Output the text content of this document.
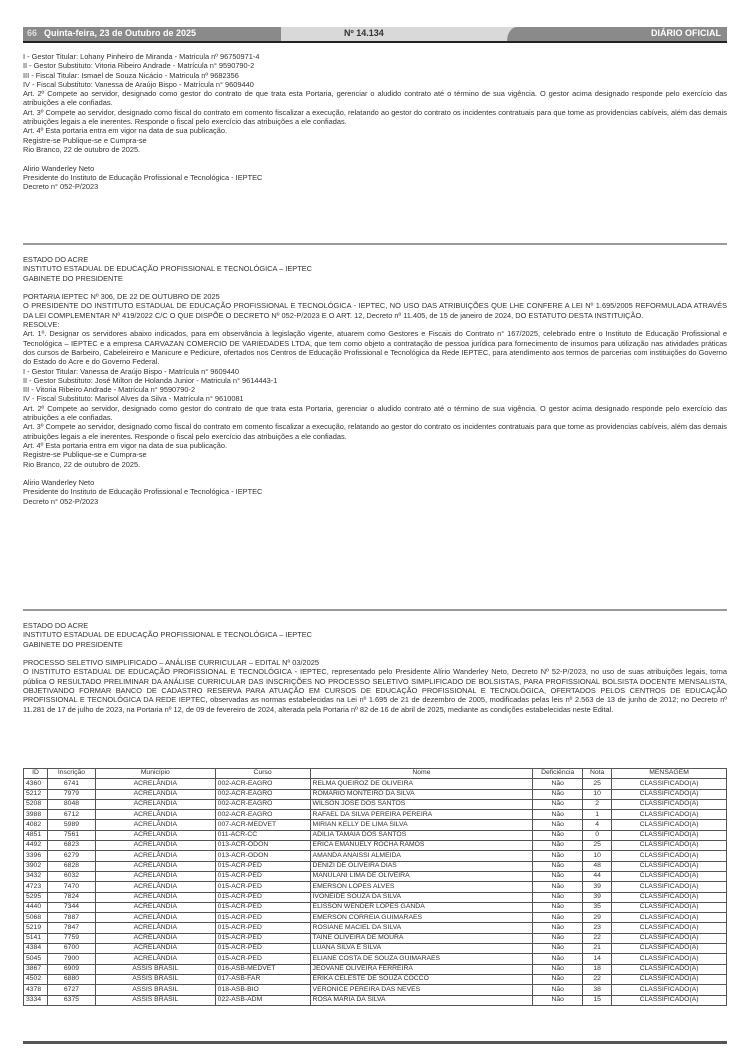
66 Quinta-feira, 23 de Outubro de 2025	Nº 14.134	DIÁRIO OFICIAL

I - Gestor Titular: Lohany Pinheiro de Miranda - Matricula nº 96750971-4

II - Gestor Substituto: Vitoria Ribeiro Andrade - Matrícula n° 9590790-2

III - Fiscal Titular: Ismael de Souza Nicácio - Matricula nº 9682356

IV - Fiscal Substituto: Vanessa de Araújo Bispo - Matrícula n° 9609440

Art. 2º Compete ao servidor, designado como gestor do contrato de que trata esta Portaria, gerenciar o aludido contrato até o término de sua vigência. O gestor acima designado responde pelo exercício das atribuições a ele confiadas.

Art. 3º Compete ao servidor, designado como fiscal do contrato em comento fiscalizar a execução, relatando ao gestor do contrato os incidentes contratuais para que tome as providencias cabíveis, além das demais atribuições legais a ele inerentes. Responde o fiscal pelo exercício das atribuições a ele confiadas.

Art. 4º Esta portaria entra em vigor na data de sua publicação.

Registre-se Publique-se e Cumpra-se

Rio Branco, 22 de outubro de 2025.

Alirio Wanderley Neto

Presidente do Instituto de Educação Profissional e Tecnológica - IEPTEC

Decreto n° 052-P/2023

ESTADO DO ACRE

INSTITUTO ESTADUAL DE EDUCAÇÃO PROFISSIONAL E TECNOLÓGICA – IEPTEC

GABINETE DO PRESIDENTE

PORTARIA IEPTEC Nº 306, DE 22 DE OUTUBRO DE 2025

O PRESIDENTE DO INSTITUTO ESTADUAL DE EDUCAÇÃO PROFISSIONAL E TECNOLÓGICA - IEPTEC, NO USO DAS ATRIBUIÇÕES QUE LHE CONFERE A LEI Nº 1.695/2005 REFORMULADA ATRAVÉS DA LEI COMPLEMENTAR Nº 419/2022 C/C O QUE DISPÕE O DECRETO Nº 052-P/2023 E O ART. 12, Decreto nº 11.405, de 15 de janeiro de 2024, DO ESTATUTO DESTA INSTITUIÇÃO.

RESOLVE:

Art. 1º. Designar os servidores abaixo indicados, para em observância à legislação vigente, atuarem como Gestores e Fiscais do Contrato n° 167/2025, celebrado entre o Instituto de Educação Profissional e Tecnológica – IEPTEC e a empresa CARVAZAN COMERCIO DE VARIEDADES LTDA, que tem como objeto a contratação de pessoa jurídica para fornecimento de insumos para utilização nas atividades práticas dos cursos de Barbeiro, Cabeleireiro e Manicure e Pedicure, ofertados nos Centros de Educação Profissional e Tecnológica da Rede IEPTEC, para atendimento aos termos de parcerias com instituições do Governo do Estado do Acre e do Governo Federal.

I - Gestor Titular: Vanessa de Araújo Bispo - Matrícula n° 9609440

II - Gestor Substituto: José Milton de Holanda Junior - Matricula n° 9614443-1

III - Vitoria Ribeiro Andrade - Matrícula n° 9590790-2

IV - Fiscal Substituto: Marisol Alves da Silva - Matrícula n° 9610081

Art. 2º Compete ao servidor, designado como gestor do contrato de que trata esta Portaria, gerenciar o aludido contrato até o término de sua vigência. O gestor acima designado responde pelo exercício das atribuições a ele confiadas.

Art. 3º Compete ao servidor, designado como fiscal do contrato em comento fiscalizar a execução, relatando ao gestor do contrato os incidentes contratuais para que tome as providencias cabíveis, além das demais atribuições legais a ele inerentes. Responde o fiscal pelo exercício das atribuições a ele confiadas.

Art. 4º Esta portaria entra em vigor na data de sua publicação.

Registre-se Publique-se e Cumpra-se

Rio Branco, 22 de outubro de 2025.

Alirio Wanderley Neto

Presidente do Instituto de Educação Profissional e Tecnológica - IEPTEC

Decreto n° 052-P/2023

ESTADO DO ACRE

INSTITUTO ESTADUAL DE EDUCAÇÃO PROFISSIONAL E TECNOLÓGICA – IEPTEC

GABINETE DO PRESIDENTE

PROCESSO SELETIVO SIMPLIFICADO – ANÁLISE CURRICULAR – EDITAL Nº 03/2025

O INSTITUTO ESTADUAL DE EDUCAÇÃO PROFISSIONAL E TECNOLÓGICA - IEPTEC, representado pelo Presidente Alírio Wanderley Neto, Decreto Nº 52-P/2023, no uso de suas atribuições legais, torna pública O RESULTADO PRELIMINAR DA ANÁLISE CURRICULAR DAS INSCRIÇÕES NO PROCESSO SELETIVO SIMPLIFICADO DE BOLSISTAS, PARA PROFISSIONAL BOLSISTA DOCENTE MENSALISTA, OBJETIVANDO FORMAR BANCO DE CADASTRO RESERVA PARA ATUAÇÃO EM CURSOS DE EDUCAÇÃO PROFISSIONAL E TECNOLÓGICA, OFERTADOS PELOS CENTROS DE EDUCAÇÃO PROFISSIONAL E TECNOLÓGICA DA REDE IEPTEC, observadas as normas estabelecidas na Lei nº 1.695 de 21 de dezembro de 2005, modificadas pelas leis nº 2.563 de 13 de junho de 2012; no Decreto nº 11.281 de 17 de julho de 2023, na Portaria nº 12, de 09 de fevereiro de 2024, alterada pela Portaria nº 82 de 16 de abril de 2025, mediante as condições estabelecidas neste Edital.

ID	Inscrição	Município	Curso	Nome	Deficiência	Nota	MENSAGEM
4360	6741	ACRELÂNDIA	002-ACR-EAGRO	RELMA QUEIROZ DE OLIVEIRA	Não	25	CLASSIFICADO(A)
5212	7979	ACRELÂNDIA	002-ACR-EAGRO	ROMÁRIO MONTEIRO DA SILVA	Não	10	CLASSIFICADO(A)
5208	8048	ACRELÂNDIA	002-ACR-EAGRO	WILSON JOSÉ DOS SANTOS	Não	2	CLASSIFICADO(A)
3988	6712	ACRELÂNDIA	002-ACR-EAGRO	RAFAEL DA SILVA PEREIRA PEREIRA	Não	1	CLASSIFICADO(A)
4082	5989	ACRELÂNDIA	007-ACR-MEDVET	MIRIAN KELLY DE LIMA SILVA	Não	4	CLASSIFICADO(A)
4851	7561	ACRELÂNDIA	011-ACR-CC	ADILIA TAMAIA DOS SANTOS	Não	0	CLASSIFICADO(A)
4492	6823	ACRELÂNDIA	013-ACR-ODON	ERICA EMANUELY ROCHA RAMOS	Não	25	CLASSIFICADO(A)
3396	6279	ACRELÂNDIA	013-ACR-ODON	AMANDA ANAISSI ALMEIDA	Não	10	CLASSIFICADO(A)
3902	6828	ACRELÂNDIA	015-ACR-PED	DENIZI DE OLIVEIRA DIAS	Não	48	CLASSIFICADO(A)
3432	6032	ACRELÂNDIA	015-ACR-PED	MANULANI LIMA DE OLIVEIRA	Não	44	CLASSIFICADO(A)
4723	7470	ACRELÂNDIA	015-ACR-PED	EMERSON LOPES ALVES	Não	39	CLASSIFICADO(A)
5295	7824	ACRELÂNDIA	015-ACR-PED	IVONEIDE SOUZA DA SILVA	Não	39	CLASSIFICADO(A)
4440	7344	ACRELÂNDIA	015-ACR-PED	ELISSON WENDER LOPES GANDA	Não	35	CLASSIFICADO(A)
5068	7887	ACRELÂNDIA	015-ACR-PED	EMERSON CORREIA GUIMARAES	Não	29	CLASSIFICADO(A)
5219	7847	ACRELÂNDIA	015-ACR-PED	ROSIANE MACIEL DA SILVA	Não	23	CLASSIFICADO(A)
5141	7759	ACRELÂNDIA	015-ACR-PED	TAINE OLIVEIRA DE MOURA	Não	22	CLASSIFICADO(A)
4384	6700	ACRELÂNDIA	015-ACR-PED	LUANA SILVA E SILVA	Não	21	CLASSIFICADO(A)
5045	7900	ACRELÂNDIA	015-ACR-PED	ELIANE COSTA DE SOUZA GUIMARAES	Não	14	CLASSIFICADO(A)
3867	6909	ASSIS BRASIL	016-ASB-MEDVET	JEOVANE OLIVEIRA FERREIRA	Não	18	CLASSIFICADO(A)
4502	6880	ASSIS BRASIL	017-ASB-FAR	ERIKA CELESTE DE SOUZA CÔCCO	Não	22	CLASSIFICADO(A)
4378	6727	ASSIS BRASIL	018-ASB-BIO	VERONICE PEREIRA DAS NEVES	Não	38	CLASSIFICADO(A)
3334	6375	ASSIS BRASIL	022-ASB-ADM	ROSA MARIA DA SILVA	Não	15	CLASSIFICADO(A)
